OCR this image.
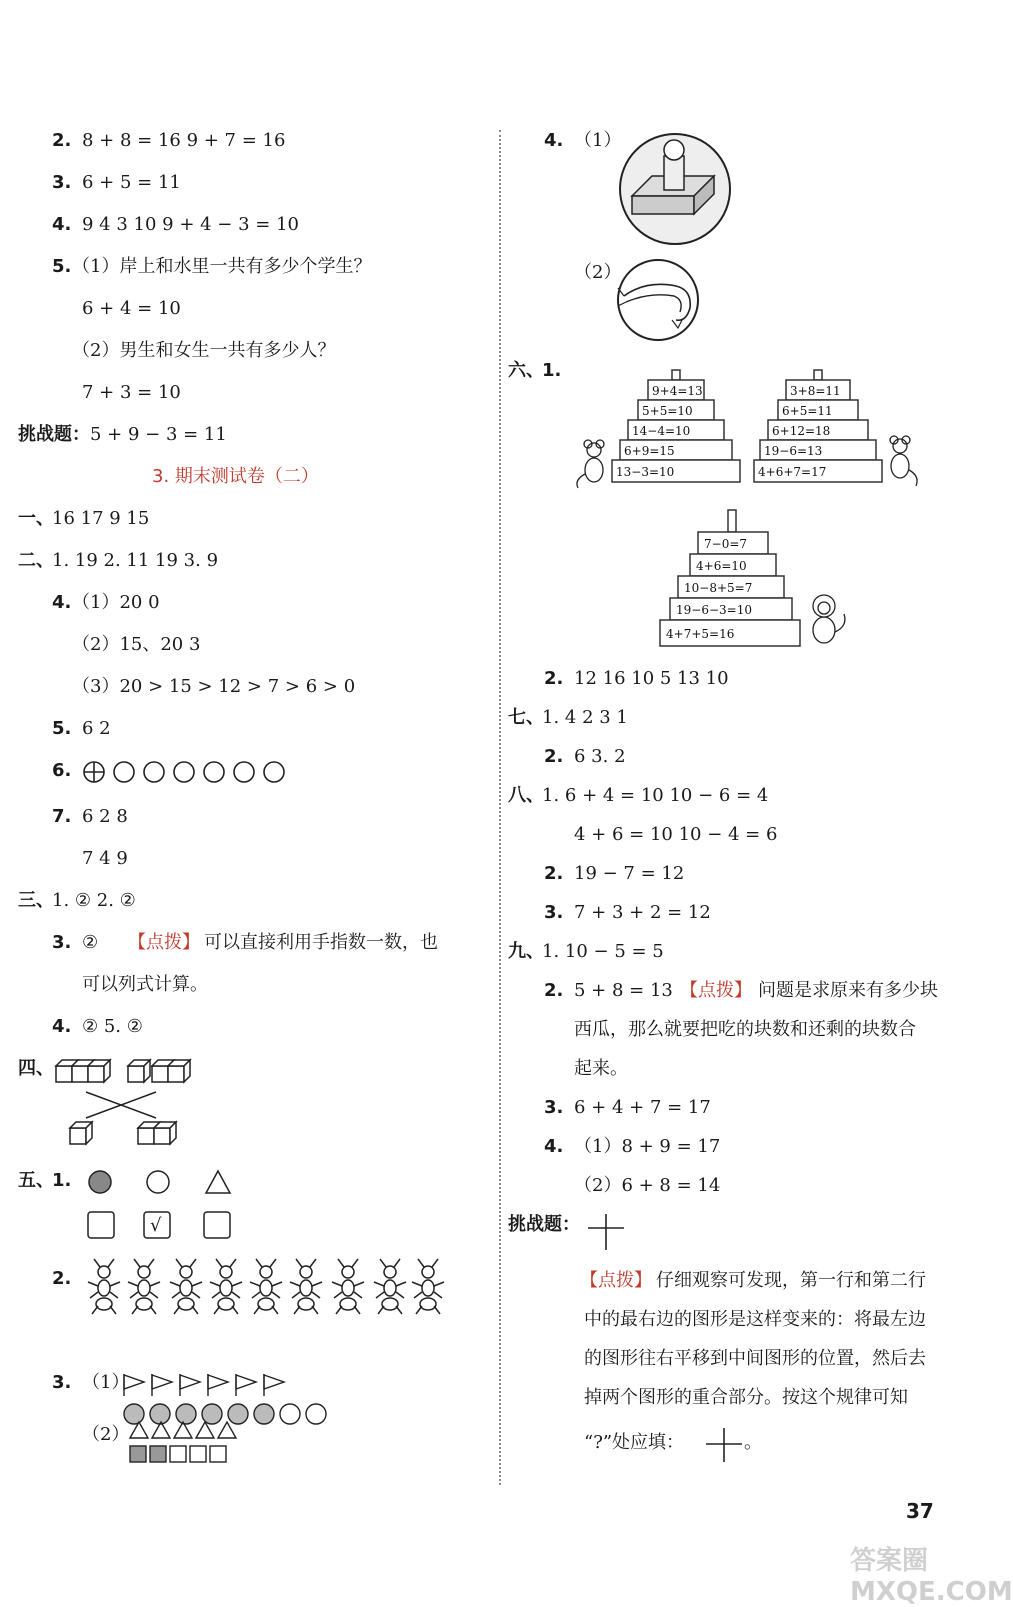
2. 8 + 8 = 16 9 + 7 = 16
3. 6 + 5 = 11
4. 9 4 3 10 9 + 4 − 3 = 10
5. （1）岸上和水里一共有多少个学生？
6 + 4 = 10
（2）男生和女生一共有多少人？
7 + 3 = 10
挑战题： 5 + 9 − 3 = 11
3. 期末测试卷（二）
一、
16 17 9 15
二、
1. 19 2. 11 19 3. 9
4. （1）20 0
（2）15、20 3
（3）20 > 15 > 12 > 7 > 6 > 0
5. 6 2
6.
7. 6 2 8
7 4 9
三、
1. ② 2. ②
3. ② 【点拨】 可以直接利用手指数一数，也
可以列式计算。
4. ② 5. ②
四、
五、
1.
√
2.
3. （1）
（2）
4. （1）
（2）
六、
1.
9+4=13
5+5=10
14−4=10
6+9=15
13−3=10
3+8=11
6+5=11
6+12=18
19−6=13
4+6+7=17
7−0=7
4+6=10
10−8+5=7
19−6−3=10
4+7+5=16
2. 12 16 10 5 13 10
七、
1. 4 2 3 1
2. 6 3. 2
八、
1. 6 + 4 = 10 10 − 6 = 4
4 + 6 = 10 10 − 4 = 6
2. 19 − 7 = 12
3. 7 + 3 + 2 = 12
九、
1. 10 − 5 = 5
2. 5 + 8 = 13 【点拨】 问题是求原来有多少块
西瓜，那么就要把吃的块数和还剩的块数合
起来。
3. 6 + 4 + 7 = 17
4. （1）8 + 9 = 17
（2）6 + 8 = 14
挑战题：
【点拨】 仔细观察可发现，第一行和第二行
中的最右边的图形是这样变来的：将最左边
的图形往右平移到中间图形的位置，然后去
掉两个图形的重合部分。按这个规律可知
“?”处应填：	。
37
答案圈 MXQE.COM
